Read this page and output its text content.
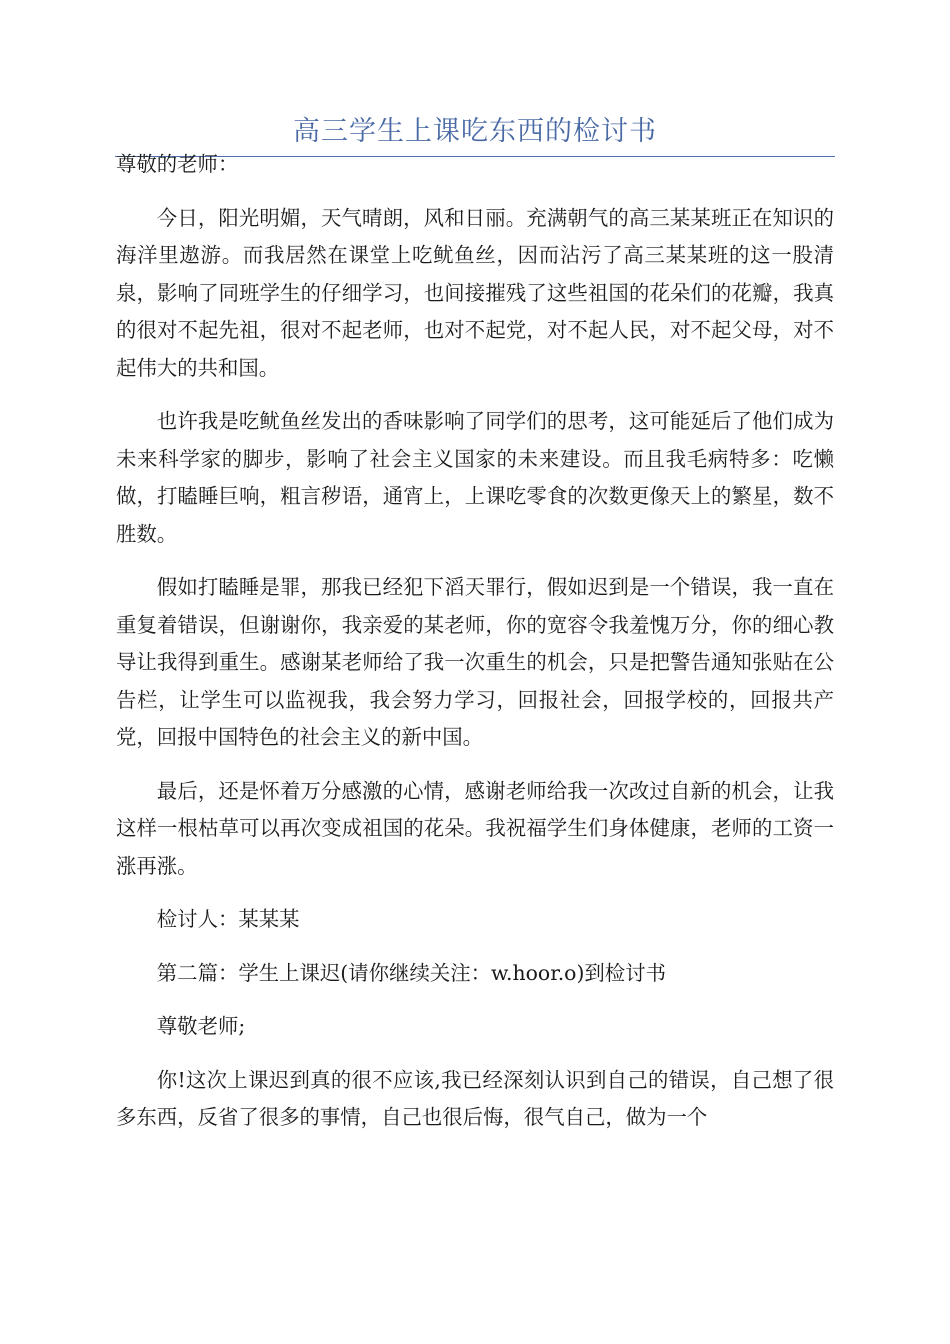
高三学生上课吃东西的检讨书

尊敬的老师：

今日，阳光明媚，天气晴朗，风和日丽。充满朝气的高三某某班正在知识的海洋里遨游。而我居然在课堂上吃鱿鱼丝，因而沾污了高三某某班的这一股清泉，影响了同班学生的仔细学习，也间接摧残了这些祖国的花朵们的花瓣，我真的很对不起先祖，很对不起老师，也对不起党，对不起人民，对不起父母，对不起伟大的共和国。

也许我是吃鱿鱼丝发出的香味影响了同学们的思考，这可能延后了他们成为未来科学家的脚步，影响了社会主义国家的未来建设。而且我毛病特多：吃懒做，打瞌睡巨响，粗言秽语，通宵上，上课吃零食的次数更像天上的繁星，数不胜数。

假如打瞌睡是罪，那我已经犯下滔天罪行，假如迟到是一个错误，我一直在重复着错误，但谢谢你，我亲爱的某老师，你的宽容令我羞愧万分，你的细心教导让我得到重生。感谢某老师给了我一次重生的机会，只是把警告通知张贴在公告栏，让学生可以监视我，我会努力学习，回报社会，回报学校的，回报共产党，回报中国特色的社会主义的新中国。

最后，还是怀着万分感激的心情，感谢老师给我一次改过自新的机会，让我这样一根枯草可以再次变成祖国的花朵。我祝福学生们身体健康，老师的工资一涨再涨。

检讨人：某某某

第二篇：学生上课迟(请你继续关注：w.hoor.o)到检讨书

尊敬老师;

你!这次上课迟到真的很不应该,我已经深刻认识到自己的错误，自己想了很多东西，反省了很多的事情，自己也很后悔，很气自己，做为一个
